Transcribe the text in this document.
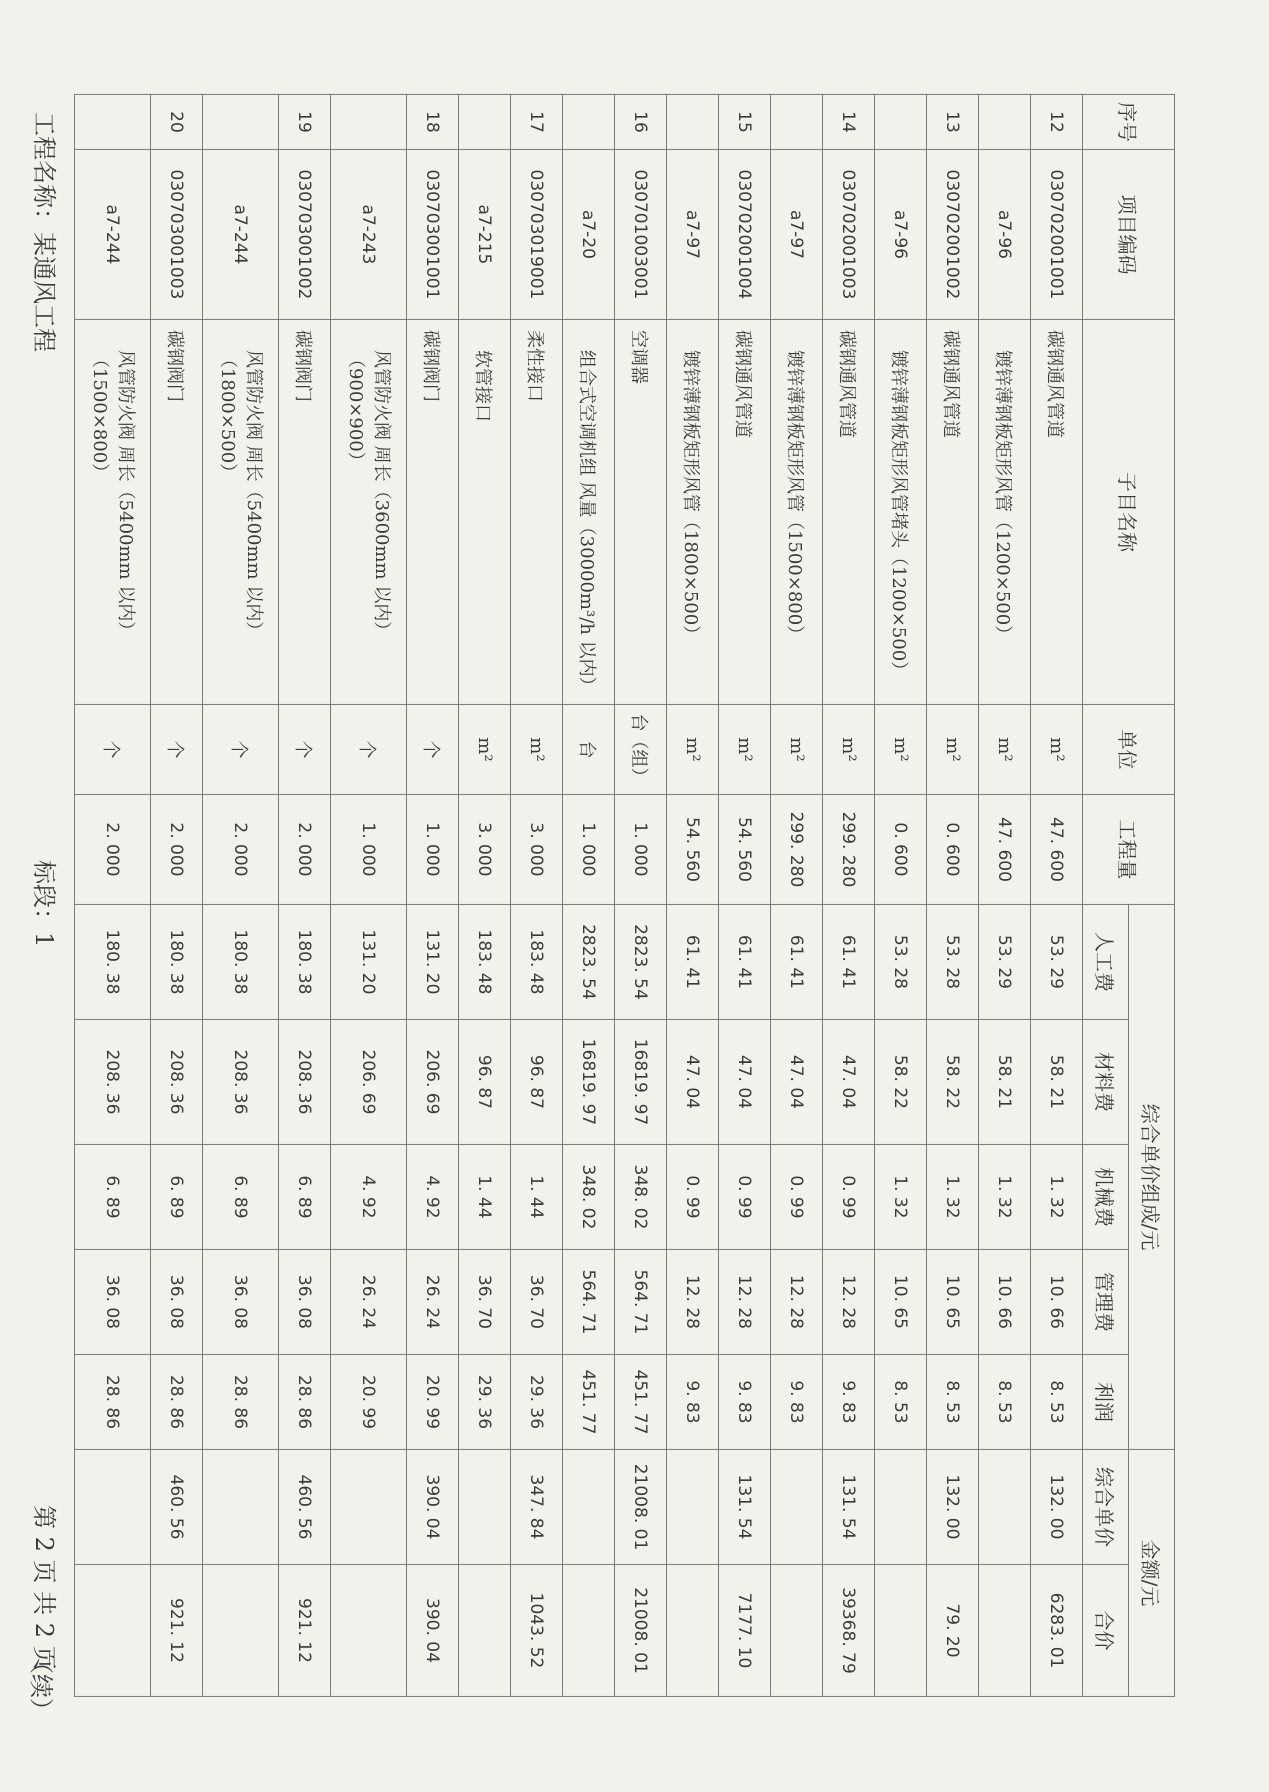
工程名称：某通风工程
标段：1
第 2 页 共 2 页
（续）
序号	项目编码	子目名称	单位	工程量	综合单价组成/元					金额/元	
					人工费	材料费	机械费	管理费	利润	综合单价	合价
12	030702001001	碳钢通风管道	m²	47. 600	53. 29	58. 21	1. 32	10. 66	8. 53	132. 00	6283. 01
	a7-96	镀锌薄钢板矩形风管（1200×500）	m²	47. 600	53. 29	58. 21	1. 32	10. 66	8. 53		
13	030702001002	碳钢通风管道	m²	0. 600	53. 28	58. 22	1. 32	10. 65	8. 53	132. 00	79. 20
	a7-96	镀锌薄钢板矩形风管堵头（1200×500）	m²	0. 600	53. 28	58. 22	1. 32	10. 65	8. 53		
14	030702001003	碳钢通风管道	m²	299. 280	61. 41	47. 04	0. 99	12. 28	9. 83	131. 54	39368. 79
	a7-97	镀锌薄钢板矩形风管（1500×800）	m²	299. 280	61. 41	47. 04	0. 99	12. 28	9. 83		
15	030702001004	碳钢通风管道	m²	54. 560	61. 41	47. 04	0. 99	12. 28	9. 83	131. 54	7177. 10
	a7-97	镀锌薄钢板矩形风管（1800×500）	m²	54. 560	61. 41	47. 04	0. 99	12. 28	9. 83		
16	030701003001	空调器	台（组）	1. 000	2823. 54	16819. 97	348. 02	564. 71	451. 77	21008. 01	21008. 01
	a7-20	组合式空调机组 风量（30000m³/h 以内）	台	1. 000	2823. 54	16819. 97	348. 02	564. 71	451. 77		
17	030703019001	柔性接口	m²	3. 000	183. 48	96. 87	1. 44	36. 70	29. 36	347. 84	1043. 52
	a7-215	软管接口	m²	3. 000	183. 48	96. 87	1. 44	36. 70	29. 36		
18	030703001001	碳钢阀门	个	1. 000	131. 20	206. 69	4. 92	26. 24	20. 99	390. 04	390. 04
	a7-243	风管防火阀 周长（3600mm 以内）（900×900）	个	1. 000	131. 20	206. 69	4. 92	26. 24	20. 99		
19	030703001002	碳钢阀门	个	2. 000	180. 38	208. 36	6. 89	36. 08	28. 86	460. 56	921. 12
	a7-244	风管防火阀 周长（5400mm 以内）（1800×500）	个	2. 000	180. 38	208. 36	6. 89	36. 08	28. 86		
20	030703001003	碳钢阀门	个	2. 000	180. 38	208. 36	6. 89	36. 08	28. 86	460. 56	921. 12
	a7-244	风管防火阀 周长（5400mm 以内）（1500×800）	个	2. 000	180. 38	208. 36	6. 89	36. 08	28. 86		
